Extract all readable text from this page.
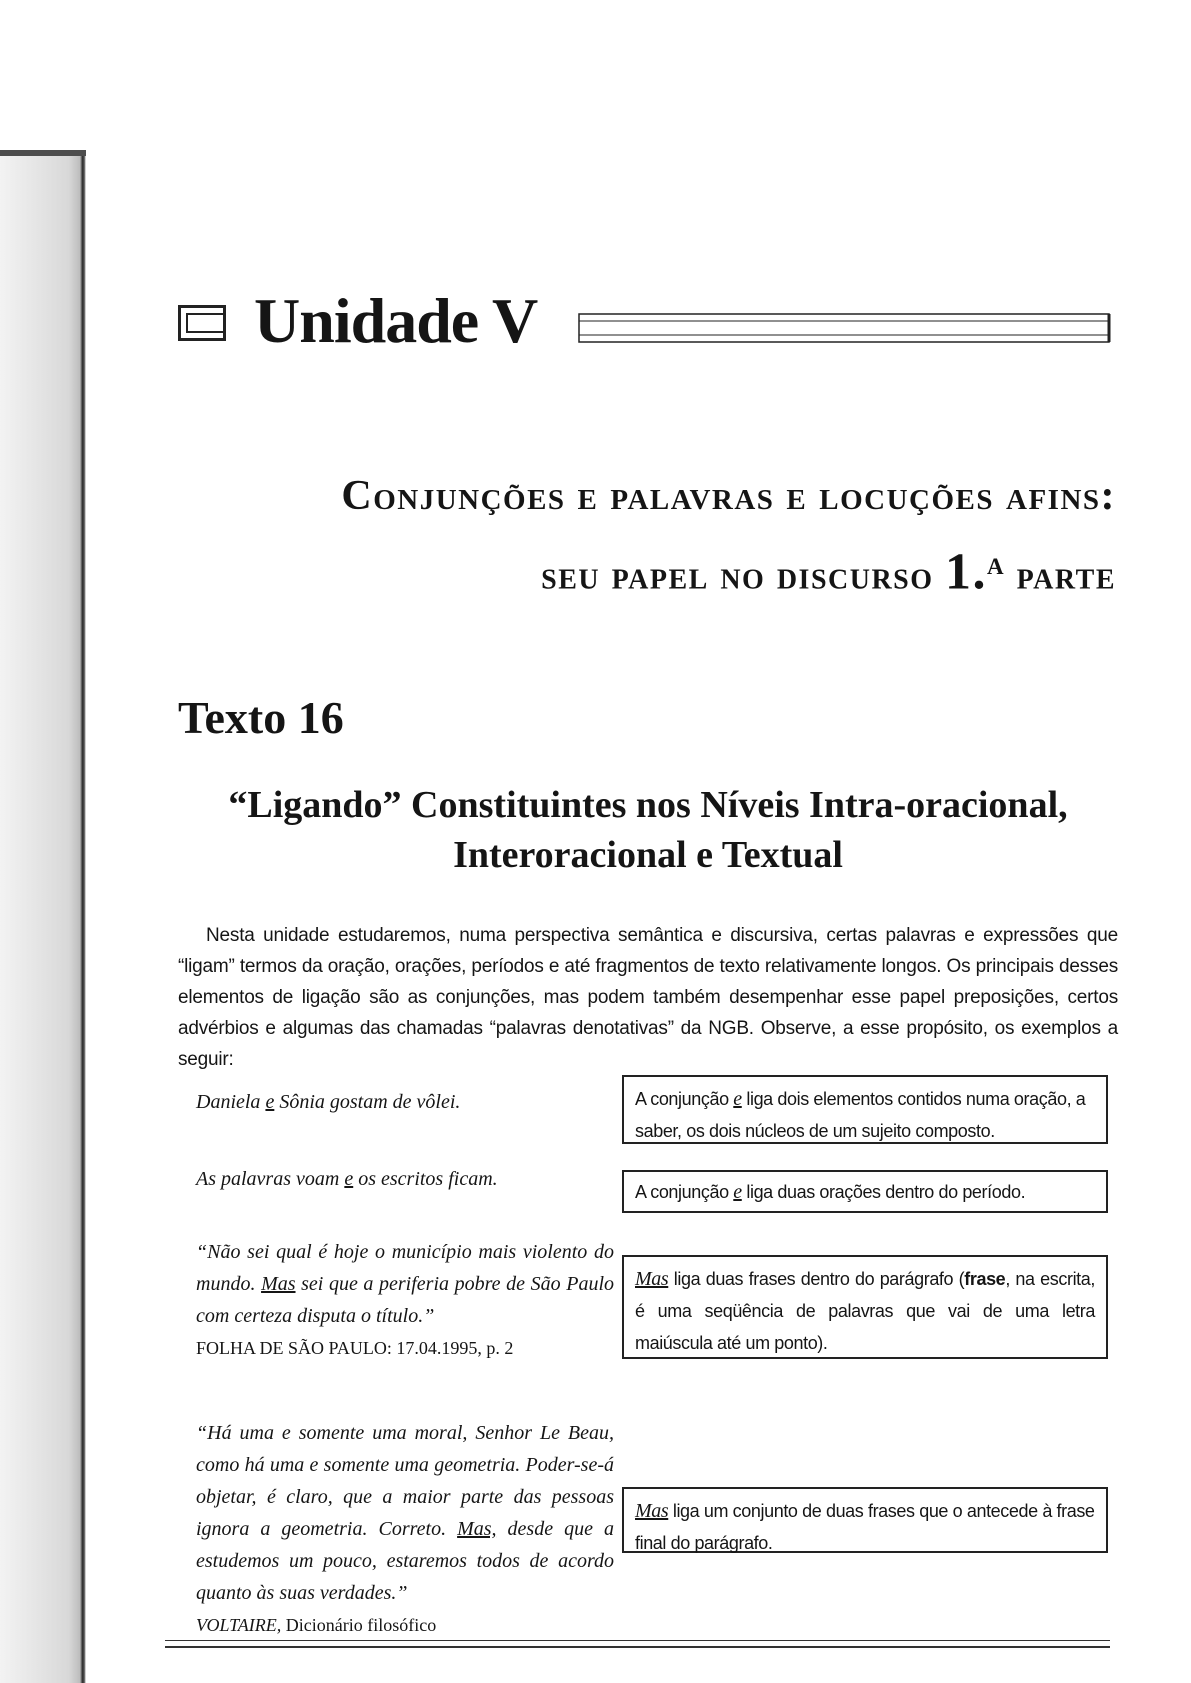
Unidade V
Conjunções e palavras e locuções afins:
seu papel no discurso 1.$^a$ parte
Texto 16
“Ligando” Constituintes nos Níveis Intra-oracional,
Interoracional e Textual

Nesta unidade estudaremos, numa perspectiva semântica e discursiva, certas palavras e expressões que “ligam” termos da oração, orações, períodos e até fragmentos de texto relativamente longos. Os principais desses elementos de ligação são as conjunções, mas podem também desempenhar esse papel preposições, certos advérbios e algumas das chamadas “palavras denotativas” da NGB. Observe, a esse propósito, os exemplos a seguir:

Daniela e Sônia gostam de vôlei.	A conjunção e liga dois elementos contidos numa oração, a saber, os dois núcleos de um sujeito composto.

As palavras voam e os escritos ficam.

A conjunção e liga duas orações dentro do período.

“Não sei qual é hoje o município mais violento do mundo. Mas sei que a periferia pobre de São Paulo com certeza disputa o título.”
FOLHA DE SÃO PAULO: 17.04.1995, p. 2

Mas liga duas frases dentro do parágrafo (frase, na escrita, é uma seqüência de palavras que vai de uma letra maiúscula até um ponto).

“Há uma e somente uma moral, Senhor Le Beau, como há uma e somente uma geometria. Poder-se-á objetar, é claro, que a maior parte das pessoas ignora a geometria. Correto. Mas, desde que a estudemos um pouco, estaremos todos de acordo quanto às suas verdades.”
VOLTAIRE, Dicionário filosófico

Mas liga um conjunto de duas frases que o antecede à frase final do parágrafo.
